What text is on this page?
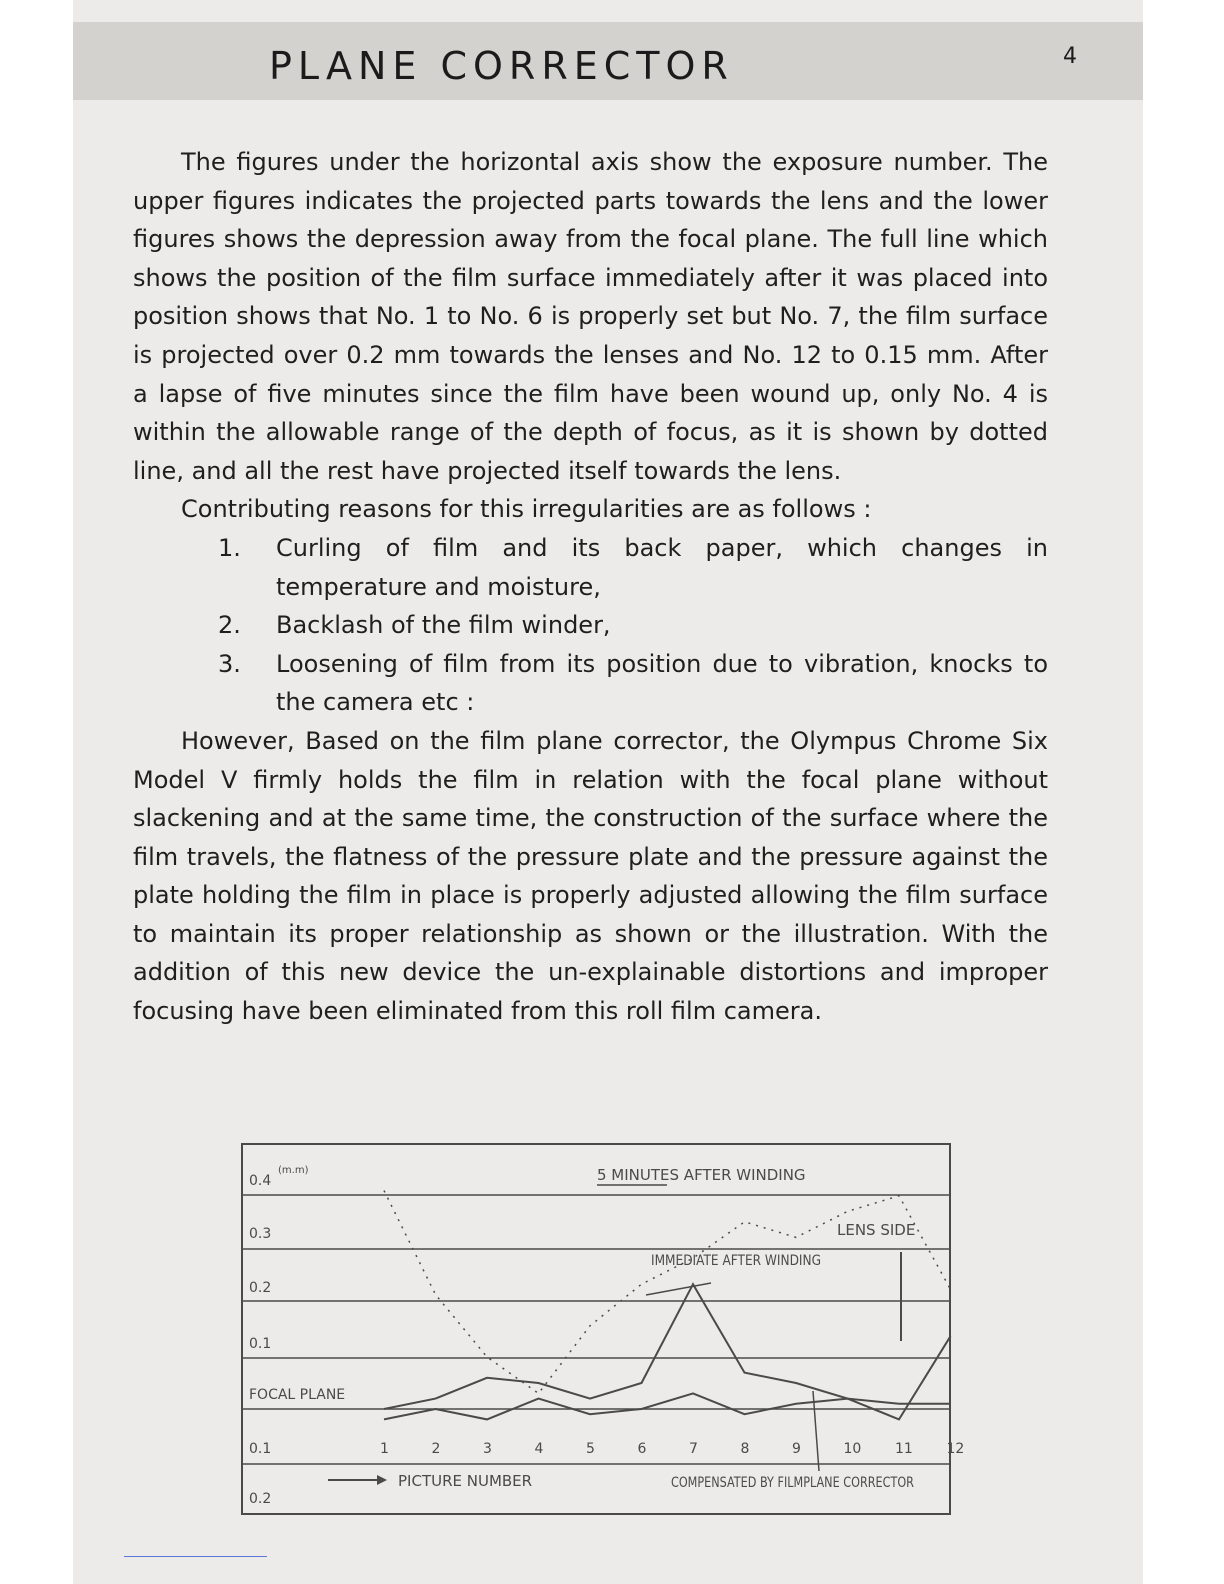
PLANE CORRECTOR	4

The figures under the horizontal axis show the exposure number. The upper figures indicates the projected parts towards the lens and the lower figures shows the depression away from the focal plane. The full line which shows the position of the film surface immediately after it was placed into position shows that No. 1 to No. 6 is properly set but No. 7, the film surface is projected over 0.2 mm towards the lenses and No. 12 to 0.15 mm. After a lapse of five minutes since the film have been wound up, only No. 4 is within the allowable range of the depth of focus, as it is shown by dotted line, and all the rest have projected itself towards the lens.

Contributing reasons for this irregularities are as follows :

1. Curling of film and its back paper, which changes in temperature and moisture,

2. Backlash of the film winder,

3. Loosening of film from its position due to vibration, knocks to the camera etc :

However, Based on the film plane corrector, the Olympus Chrome Six Model V firmly holds the film in relation with the focal plane without slackening and at the same time, the construction of the surface where the film travels, the flatness of the pressure plate and the pressure against the plate holding the film in place is properly adjusted allowing the film surface to maintain its proper relationship as shown or the illustration. With the addition of this new device the un-explainable distortions and improper focusing have been eliminated from this roll film camera.

0.4
0.3
0.2
0.1
FOCAL PLANE
0.1
0.2
1	2	3	4	5	6	7	8	9	10 11 12
(m.m)	5 MINUTES AFTER WINDING
LENS SIDE
IMMEDIATE AFTER WINDING
COMPENSATED BY FILMPLANE CORRECTOR
PICTURE NUMBER
